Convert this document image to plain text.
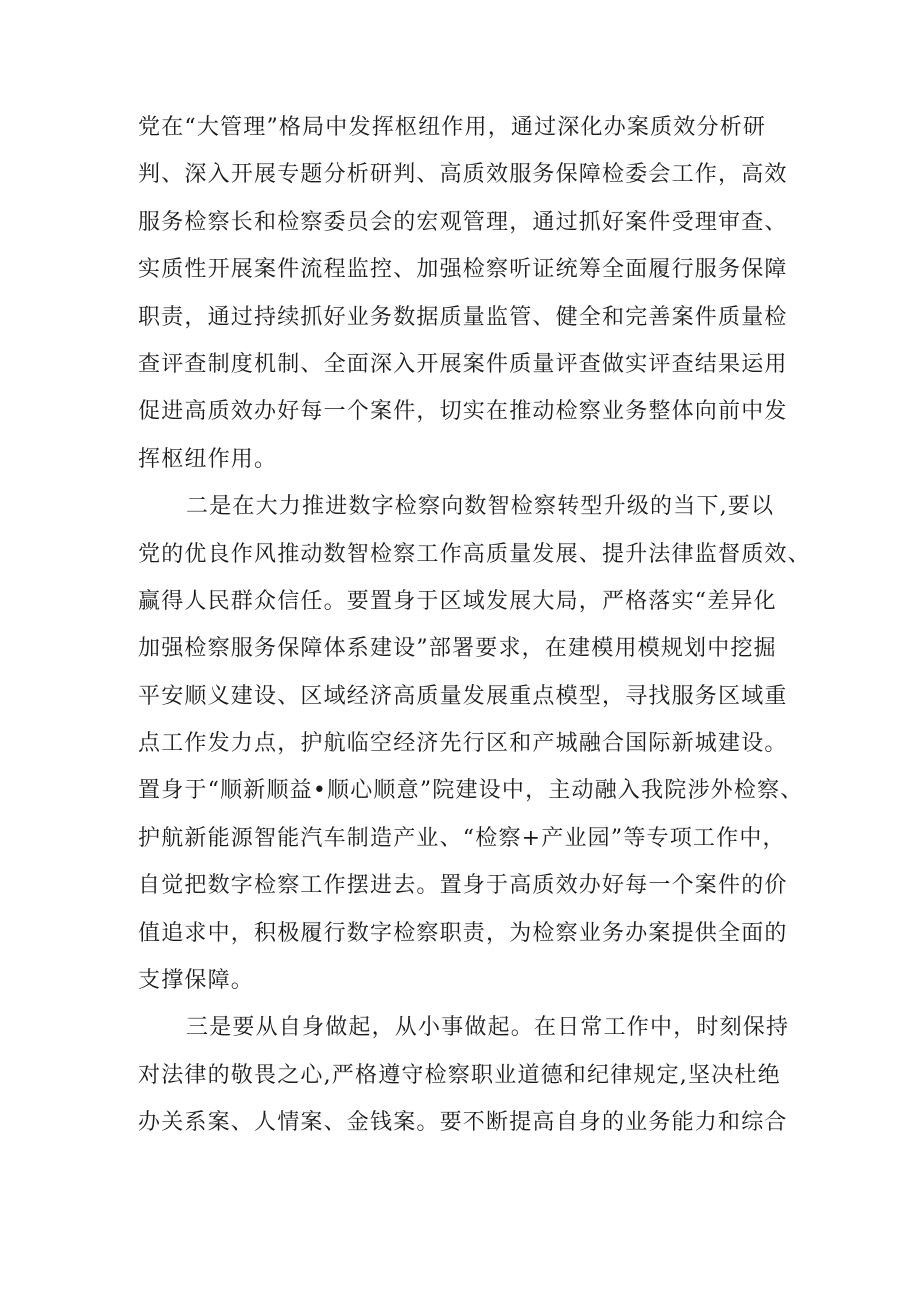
党在“大管理”格局中发挥枢纽作用，通过深化办案质效分析研
判、深入开展专题分析研判、高质效服务保障检委会工作，高效
服务检察长和检察委员会的宏观管理，通过抓好案件受理审查、
实质性开展案件流程监控、加强检察听证统筹全面履行服务保障
职责，通过持续抓好业务数据质量监管、健全和完善案件质量检
查评查制度机制、全面深入开展案件质量评查做实评查结果运用
促进高质效办好每一个案件，切实在推动检察业务整体向前中发
挥枢纽作用。
二是在大力推进数字检察向数智检察转型升级的当下,要以
党的优良作风推动数智检察工作高质量发展、提升法律监督质效、
赢得人民群众信任。要置身于区域发展大局，严格落实“差异化
加强检察服务保障体系建设”部署要求，在建模用模规划中挖掘
平安顺义建设、区域经济高质量发展重点模型，寻找服务区域重
点工作发力点，护航临空经济先行区和产城融合国际新城建设。
置身于“顺新顺益•顺心顺意”院建设中，主动融入我院涉外检察、
护航新能源智能汽车制造产业、“检察+产业园”等专项工作中，
自觉把数字检察工作摆进去。置身于高质效办好每一个案件的价
值追求中，积极履行数字检察职责，为检察业务办案提供全面的
支撑保障。
三是要从自身做起，从小事做起。在日常工作中，时刻保持
对法律的敬畏之心,严格遵守检察职业道德和纪律规定,坚决杜绝
办关系案、人情案、金钱案。要不断提高自身的业务能力和综合
